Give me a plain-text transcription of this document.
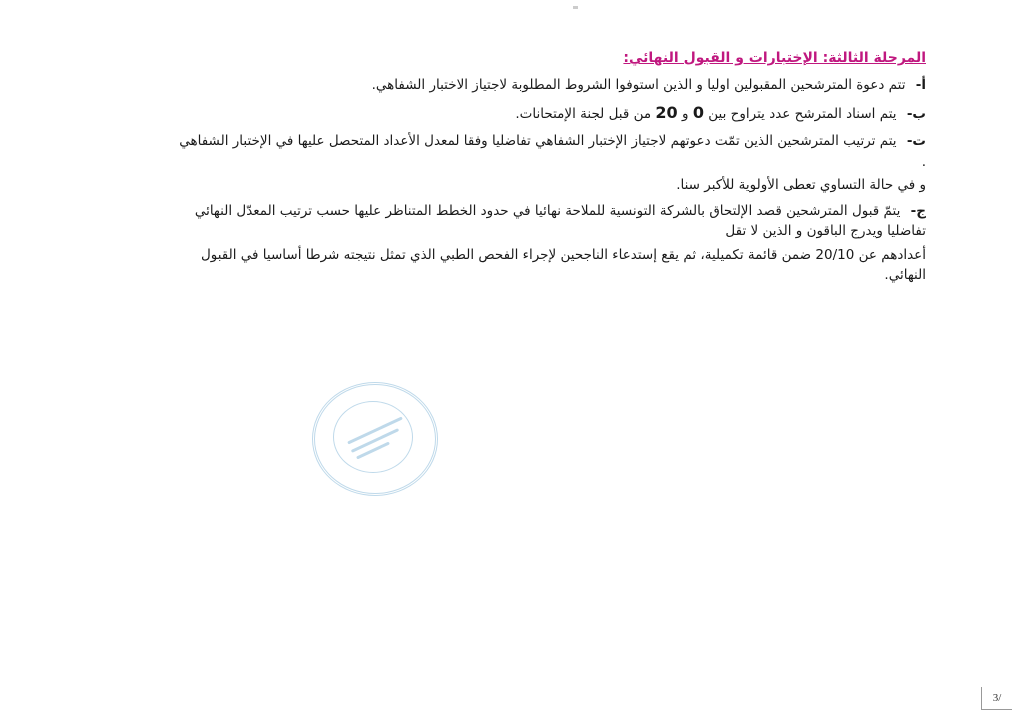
المرحلة الثالثة: الإختبارات و القبول النهائي:

أ- تتم دعوة المترشحين المقبولين اوليا و الذين استوفوا الشروط المطلوبة لاجتياز الاختبار الشفاهي.

ب- يتم اسناد المترشح عدد يتراوح بين 0 و 20 من قبل لجنة الإمتحانات.

ت- يتم ترتيب المترشحين الذين تمّت دعوتهم لاجتياز الإختبار الشفاهي تفاضليا وفقا لمعدل الأعداد المتحصل عليها في الإختبار الشفاهي .

و في حالة التساوي تعطى الأولوية للأكبر سنا.

ج- يتمّ قبول المترشحين قصد الإلتحاق بالشركة التونسية للملاحة نهائيا في حدود الخطط المتناظر عليها حسب ترتيب المعدّل النهائي تفاضليا ويدرج الباقون و الذين لا تقل

أعدادهم عن 20/10 ضمن قائمة تكميلية، ثم يقع إستدعاء الناجحين لإجراء الفحص الطبي الذي تمثل نتيجته شرطا أساسيا في القبول النهائي.

3/
